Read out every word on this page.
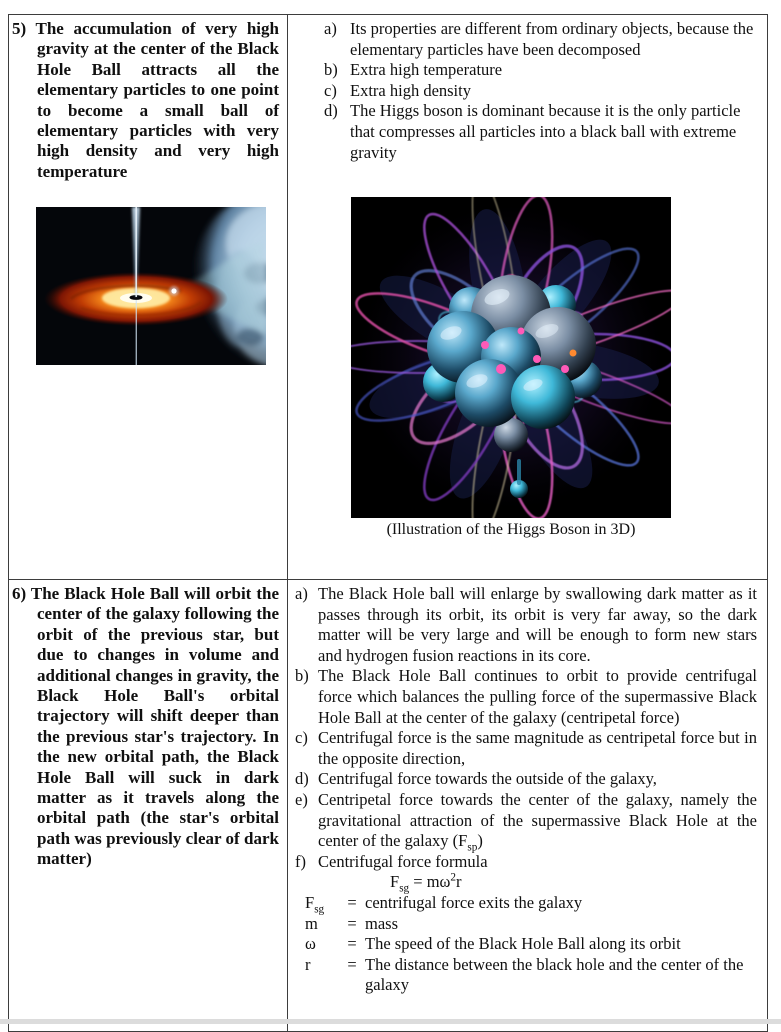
5) The accumulation of very high gravity at the center of the Black Hole Ball attracts all the elementary particles to one point to become a small ball of elementary particles with very high density and very high temperature

a) Its properties are different from ordinary objects, because the elementary particles have been decomposed
b) Extra high temperature
c) Extra high density
d) The Higgs boson is dominant because it is the only particle that compresses all particles into a black ball with extreme gravity
(Illustration of the Higgs Boson in 3D)

6) The Black Hole Ball will orbit the center of the galaxy following the orbit of the previous star, but due to changes in volume and additional changes in gravity, the Black Hole Ball's orbital trajectory will shift deeper than the previous star's trajectory. In the new orbital path, the Black Hole Ball will suck in dark matter as it travels along the orbital path (the star's orbital path was previously clear of dark matter)

a) The Black Hole ball will enlarge by swallowing dark matter as it passes through its orbit, its orbit is very far away, so the dark matter will be very large and will be enough to form new stars and hydrogen fusion reactions in its core.
b) The Black Hole Ball continues to orbit to provide centrifugal force which balances the pulling force of the supermassive Black Hole Ball at the center of the galaxy (centripetal force)
c) Centrifugal force is the same magnitude as centripetal force but in the opposite direction,
d) Centrifugal force towards the outside of the galaxy,
e) Centripetal force towards the center of the galaxy, namely the gravitational attraction of the supermassive Black Hole at the center of the galaxy $(F_{sp})$
f) Centrifugal force formula
$F_{sg} = m\omega^2r$
$F_{sg}$	= centrifugal force exits the galaxy
m	= mass
ω	= The speed of the Black Hole Ball along its orbit
r	= The distance between the black hole and the center of the galaxy
